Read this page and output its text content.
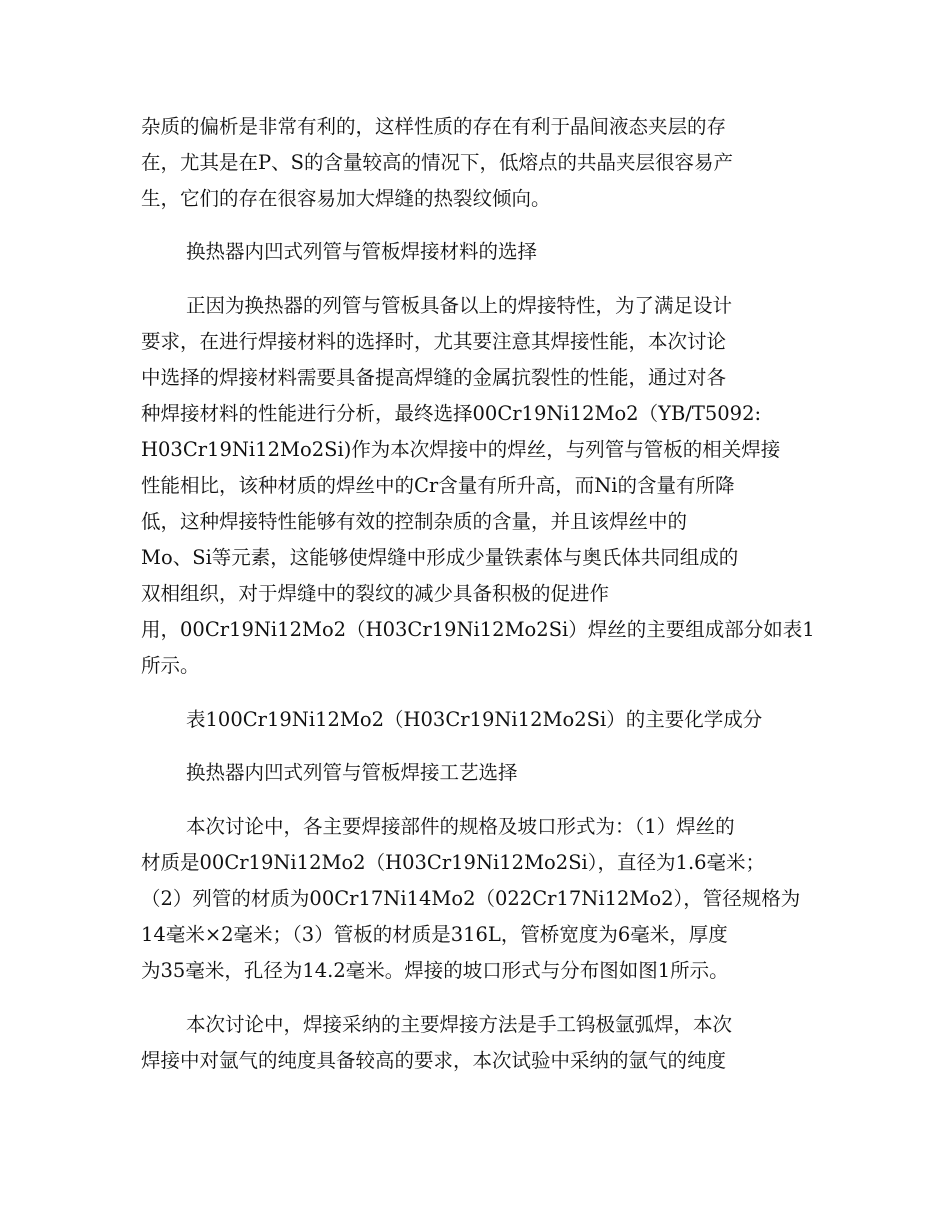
杂质的偏析是非常有利的，这样性质的存在有利于晶间液态夹层的存
在，尤其是在P、S的含量较高的情况下，低熔点的共晶夹层很容易产
生，它们的存在很容易加大焊缝的热裂纹倾向。
换热器内凹式列管与管板焊接材料的选择
正因为换热器的列管与管板具备以上的焊接特性，为了满足设计
要求，在进行焊接材料的选择时，尤其要注意其焊接性能，本次讨论
中选择的焊接材料需要具备提高焊缝的金属抗裂性的性能，通过对各
种焊接材料的性能进行分析，最终选择00Cr19Ni12Mo2（YB/T5092:
H03Cr19Ni12Mo2Si)作为本次焊接中的焊丝，与列管与管板的相关焊接
性能相比，该种材质的焊丝中的Cr含量有所升高，而Ni的含量有所降
低，这种焊接特性能够有效的控制杂质的含量，并且该焊丝中的
Mo、Si等元素，这能够使焊缝中形成少量铁素体与奥氏体共同组成的
双相组织，对于焊缝中的裂纹的减少具备积极的促进作
用，00Cr19Ni12Mo2（H03Cr19Ni12Mo2Si）焊丝的主要组成部分如表1
所示。
表100Cr19Ni12Mo2（H03Cr19Ni12Mo2Si）的主要化学成分
换热器内凹式列管与管板焊接工艺选择
本次讨论中，各主要焊接部件的规格及坡口形式为：（1）焊丝的
材质是00Cr19Ni12Mo2（H03Cr19Ni12Mo2Si），直径为1.6毫米；
（2）列管的材质为00Cr17Ni14Mo2（022Cr17Ni12Mo2），管径规格为
14毫米×2毫米；（3）管板的材质是316L，管桥宽度为6毫米，厚度
为35毫米，孔径为14.2毫米。焊接的坡口形式与分布图如图1所示。
本次讨论中，焊接采纳的主要焊接方法是手工钨极氩弧焊，本次
焊接中对氩气的纯度具备较高的要求，本次试验中采纳的氩气的纯度
